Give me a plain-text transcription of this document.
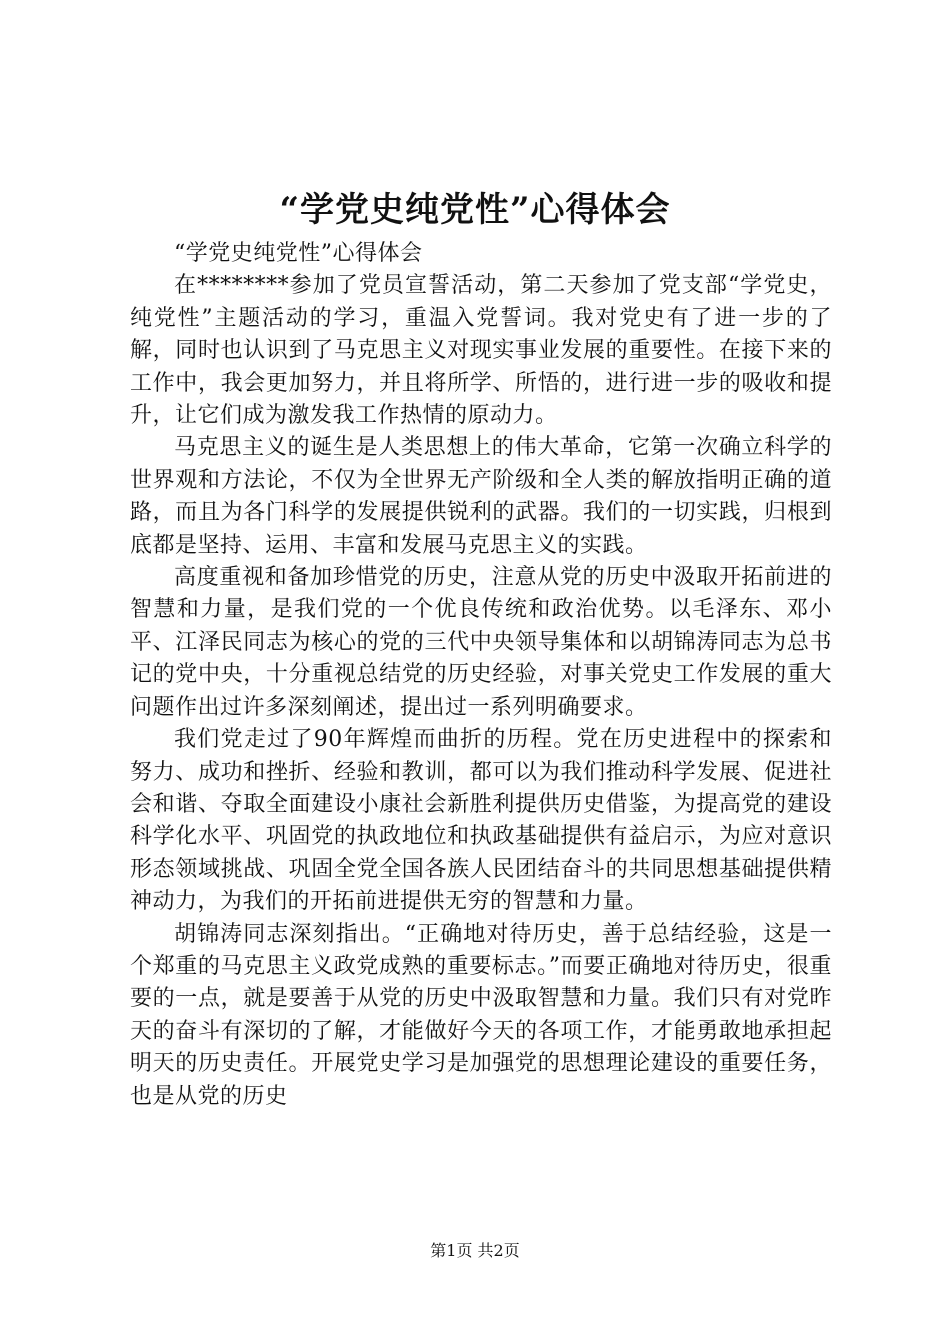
“学党史纯党性”心得体会

“学党史纯党性”心得体会

在********参加了党员宣誓活动，第二天参加了党支部“学党史，纯党性”主题活动的学习，重温入党誓词。我对党史有了进一步的了解，同时也认识到了马克思主义对现实事业发展的重要性。在接下来的工作中，我会更加努力，并且将所学、所悟的，进行进一步的吸收和提升，让它们成为激发我工作热情的原动力。

马克思主义的诞生是人类思想上的伟大革命，它第一次确立科学的世界观和方法论，不仅为全世界无产阶级和全人类的解放指明正确的道路，而且为各门科学的发展提供锐利的武器。我们的一切实践，归根到底都是坚持、运用、丰富和发展马克思主义的实践。

高度重视和备加珍惜党的历史，注意从党的历史中汲取开拓前进的智慧和力量，是我们党的一个优良传统和政治优势。以毛泽东、邓小平、江泽民同志为核心的党的三代中央领导集体和以胡锦涛同志为总书记的党中央，十分重视总结党的历史经验，对事关党史工作发展的重大问题作出过许多深刻阐述，提出过一系列明确要求。

我们党走过了90年辉煌而曲折的历程。党在历史进程中的探索和努力、成功和挫折、经验和教训，都可以为我们推动科学发展、促进社会和谐、夺取全面建设小康社会新胜利提供历史借鉴，为提高党的建设科学化水平、巩固党的执政地位和执政基础提供有益启示，为应对意识形态领域挑战、巩固全党全国各族人民团结奋斗的共同思想基础提供精神动力，为我们的开拓前进提供无穷的智慧和力量。

胡锦涛同志深刻指出。“正确地对待历史，善于总结经验，这是一个郑重的马克思主义政党成熟的重要标志。”而要正确地对待历史，很重要的一点，就是要善于从党的历史中汲取智慧和力量。我们只有对党昨天的奋斗有深切的了解，才能做好今天的各项工作，才能勇敢地承担起明天的历史责任。开展党史学习是加强党的思想理论建设的重要任务，也是从党的历史

第1页 共2页
